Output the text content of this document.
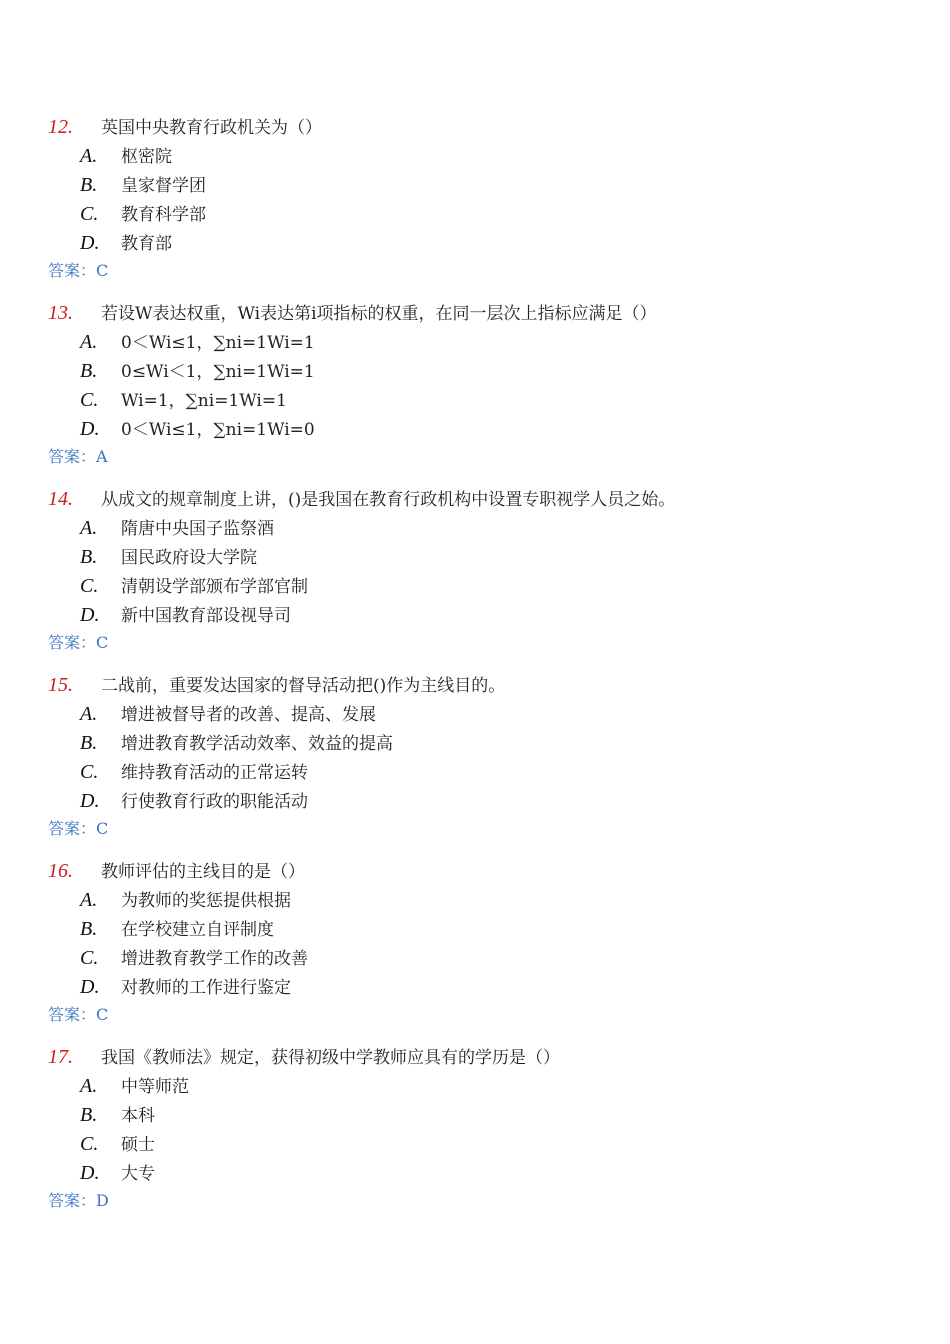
12.	英国中央教育行政机关为（）
A.	枢密院
B.	皇家督学团
C.	教育科学部
D.	教育部
答案： C
13.	若设W表达权重，Wi表达第i项指标的权重，在同一层次上指标应满足（）
A.	0＜Wi≤1，∑ni=1Wi=1
B.	0≤Wi＜1，∑ni=1Wi=1
C.	Wi=1，∑ni=1Wi=1
D.	0＜Wi≤1，∑ni=1Wi=0
答案： A
14.	从成文的规章制度上讲，()是我国在教育行政机构中设置专职视学人员之始。
A.	隋唐中央国子监祭酒
B.	国民政府设大学院
C.	清朝设学部颁布学部官制
D.	新中国教育部设视导司
答案： C
15.	二战前，重要发达国家的督导活动把()作为主线目的。
A.	增进被督导者的改善、提高、发展
B.	增进教育教学活动效率、效益的提高
C.	维持教育活动的正常运转
D.	行使教育行政的职能活动
答案： C
16.	教师评估的主线目的是（）
A.	为教师的奖惩提供根据
B.	在学校建立自评制度
C.	增进教育教学工作的改善
D.	对教师的工作进行鉴定
答案： C
17.	我国《教师法》规定，获得初级中学教师应具有的学历是（）
A.	中等师范
B.	本科
C.	硕士
D.	大专
答案： D
